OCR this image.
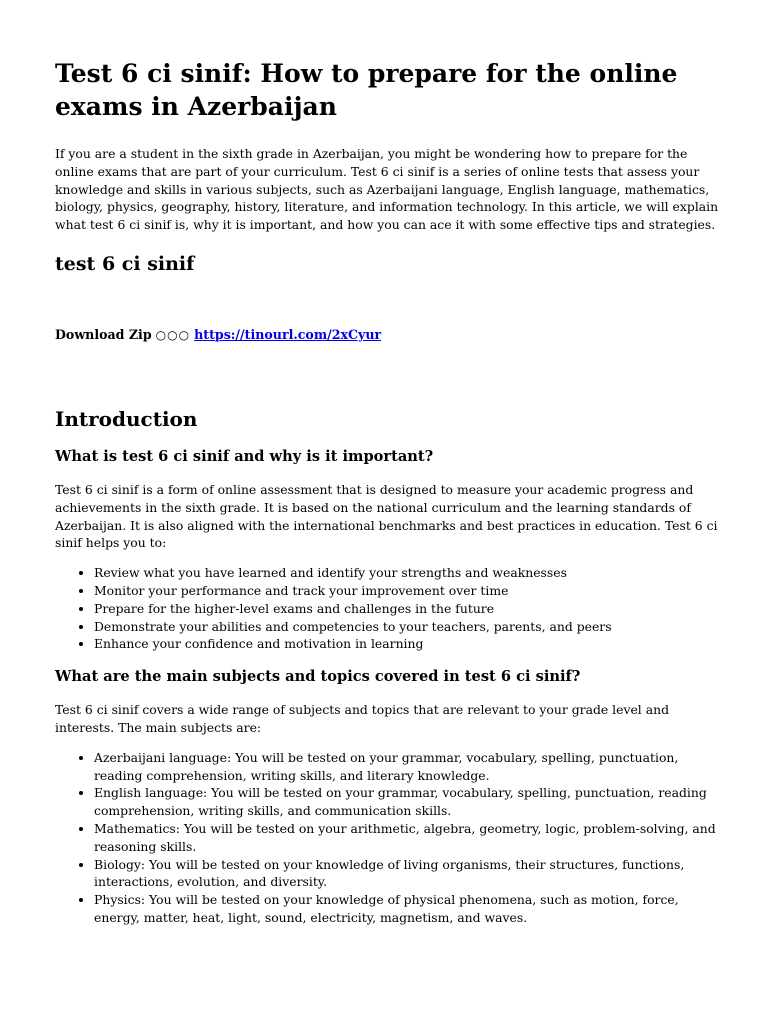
Test 6 ci sinif: How to prepare for the online exams in Azerbaijan

If you are a student in the sixth grade in Azerbaijan, you might be wondering how to prepare for the online exams that are part of your curriculum. Test 6 ci sinif is a series of online tests that assess your knowledge and skills in various subjects, such as Azerbaijani language, English language, mathematics, biology, physics, geography, history, literature, and information technology. In this article, we will explain what test 6 ci sinif is, why it is important, and how you can ace it with some effective tips and strategies.

test 6 ci sinif
Download Zip ○○○ https://tinourl.com/2xCyur
Introduction
What is test 6 ci sinif and why is it important?

Test 6 ci sinif is a form of online assessment that is designed to measure your academic progress and achievements in the sixth grade. It is based on the national curriculum and the learning standards of Azerbaijan. It is also aligned with the international benchmarks and best practices in education. Test 6 ci sinif helps you to:

• Review what you have learned and identify your strengths and weaknesses
• Monitor your performance and track your improvement over time
• Prepare for the higher-level exams and challenges in the future
• Demonstrate your abilities and competencies to your teachers, parents, and peers
• Enhance your confidence and motivation in learning
What are the main subjects and topics covered in test 6 ci sinif?

Test 6 ci sinif covers a wide range of subjects and topics that are relevant to your grade level and interests. The main subjects are:

• Azerbaijani language: You will be tested on your grammar, vocabulary, spelling, punctuation, reading comprehension, writing skills, and literary knowledge.
• English language: You will be tested on your grammar, vocabulary, spelling, punctuation, reading comprehension, writing skills, and communication skills.
• Mathematics: You will be tested on your arithmetic, algebra, geometry, logic, problem-solving, and reasoning skills.
• Biology: You will be tested on your knowledge of living organisms, their structures, functions, interactions, evolution, and diversity.
• Physics: You will be tested on your knowledge of physical phenomena, such as motion, force, energy, matter, heat, light, sound, electricity, magnetism, and waves.
